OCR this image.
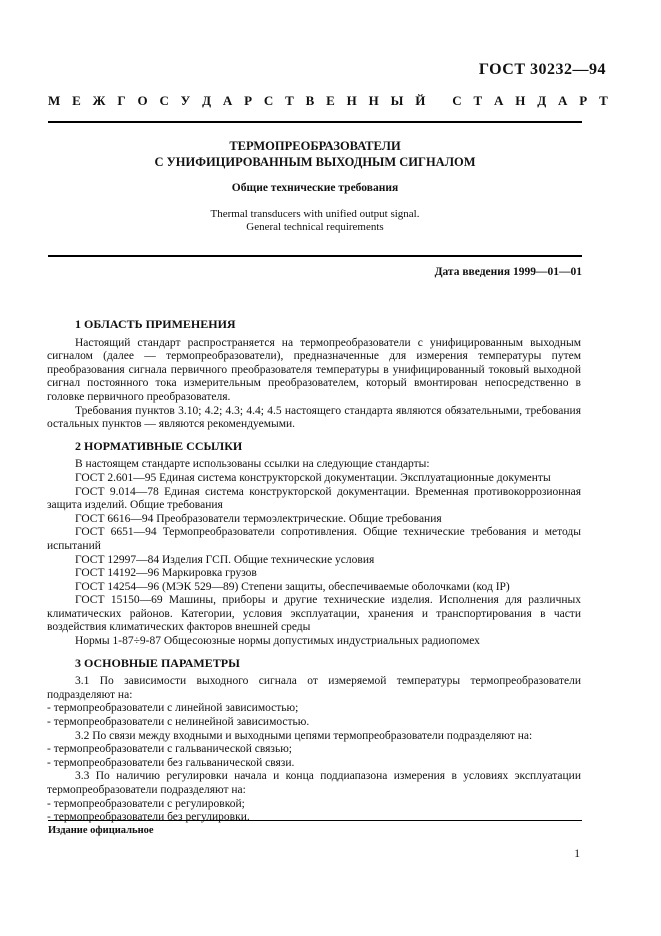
ГОСТ 30232—94
М Е Ж Г О С У Д А Р С Т В Е Н Н Ы Й
С Т А Н Д А Р Т
ТЕРМОПРЕОБРАЗОВАТЕЛИ
С УНИФИЦИРОВАННЫМ ВЫХОДНЫМ СИГНАЛОМ
Общие технические требования
Thermal transducers with unified output signal.
General technical requirements
Дата введения 1999—01—01
1 ОБЛАСТЬ ПРИМЕНЕНИЯ

Настоящий стандарт распространяется на термопреобразователи с унифицированным выходным сигналом (далее — термопреобразователи), предназначенные для измерения температуры путем преобразования сигнала первичного преобразователя температуры в унифицированный токовый выходной сигнал постоянного тока измерительным преобразователем, который вмонтирован непосредственно в головке первичного преобразователя.

Требования пунктов 3.10; 4.2; 4.3; 4.4; 4.5 настоящего стандарта являются обязательными, требования остальных пунктов — являются рекомендуемыми.

2 НОРМАТИВНЫЕ ССЫЛКИ

В настоящем стандарте использованы ссылки на следующие стандарты:

ГОСТ 2.601—95 Единая система конструкторской документации. Эксплуатационные документы

ГОСТ 9.014—78 Единая система конструкторской документации. Временная противокоррозионная защита изделий. Общие требования

ГОСТ 6616—94 Преобразователи термоэлектрические. Общие требования

ГОСТ 6651—94 Термопреобразователи сопротивления. Общие технические требования и методы испытаний

ГОСТ 12997—84 Изделия ГСП. Общие технические условия

ГОСТ 14192—96 Маркировка грузов

ГОСТ 14254—96 (МЭК 529—89) Степени защиты, обеспечиваемые оболочками (код IP)

ГОСТ 15150—69 Машины, приборы и другие технические изделия. Исполнения для различных климатических районов. Категории, условия эксплуатации, хранения и транспортирования в части воздействия климатических факторов внешней среды

Нормы 1-87÷9-87 Общесоюзные нормы допустимых индустриальных радиопомех

3 ОСНОВНЫЕ ПАРАМЕТРЫ

3.1 По зависимости выходного сигнала от измеряемой температуры термопреобразователи подразделяют на:

- термопреобразователи с линейной зависимостью;

- термопреобразователи с нелинейной зависимостью.

3.2 По связи между входными и выходными цепями термопреобразователи подразделяют на:

- термопреобразователи с гальванической связью;

- термопреобразователи без гальванической связи.

3.3 По наличию регулировки начала и конца поддиапазона измерения в условиях эксплуатации термопреобразователи подразделяют на:

- термопреобразователи с регулировкой;

- термопреобразователи без регулировки.

Издание официальное
1
